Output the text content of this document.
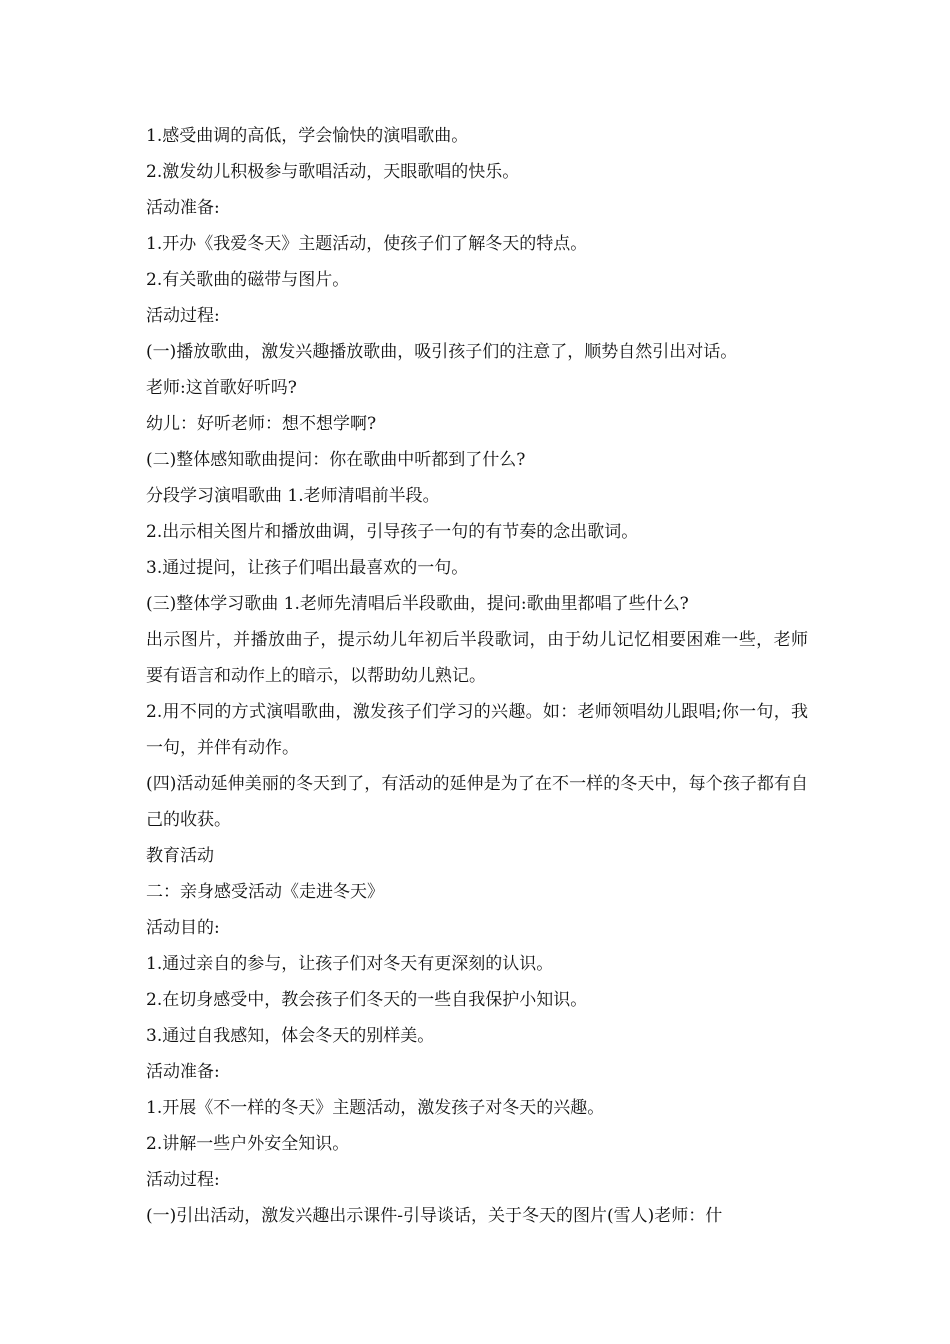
1.感受曲调的高低，学会愉快的演唱歌曲。
2.激发幼儿积极参与歌唱活动，天眼歌唱的快乐。
活动准备:
1.开办《我爱冬天》主题活动，使孩子们了解冬天的特点。
2.有关歌曲的磁带与图片。
活动过程:
(一)播放歌曲，激发兴趣播放歌曲，吸引孩子们的注意了，顺势自然引出对话。
老师:这首歌好听吗?
幼儿：好听老师：想不想学啊?
(二)整体感知歌曲提问：你在歌曲中听都到了什么?
分段学习演唱歌曲 1.老师清唱前半段。
2.出示相关图片和播放曲调，引导孩子一句的有节奏的念出歌词。
3.通过提问，让孩子们唱出最喜欢的一句。
(三)整体学习歌曲 1.老师先清唱后半段歌曲，提问:歌曲里都唱了些什么?
出示图片，并播放曲子，提示幼儿年初后半段歌词，由于幼儿记忆相要困难一些，老师要有语言和动作上的暗示，以帮助幼儿熟记。
2.用不同的方式演唱歌曲，激发孩子们学习的兴趣。如：老师领唱幼儿跟唱;你一句，我一句，并伴有动作。
(四)活动延伸美丽的冬天到了，有活动的延伸是为了在不一样的冬天中，每个孩子都有自己的收获。
教育活动
二：亲身感受活动《走进冬天》
活动目的:
1.通过亲自的参与，让孩子们对冬天有更深刻的认识。
2.在切身感受中，教会孩子们冬天的一些自我保护小知识。
3.通过自我感知，体会冬天的别样美。
活动准备:
1.开展《不一样的冬天》主题活动，激发孩子对冬天的兴趣。
2.讲解一些户外安全知识。
活动过程:
(一)引出活动，激发兴趣出示课件-引导谈话，关于冬天的图片(雪人)老师：什
